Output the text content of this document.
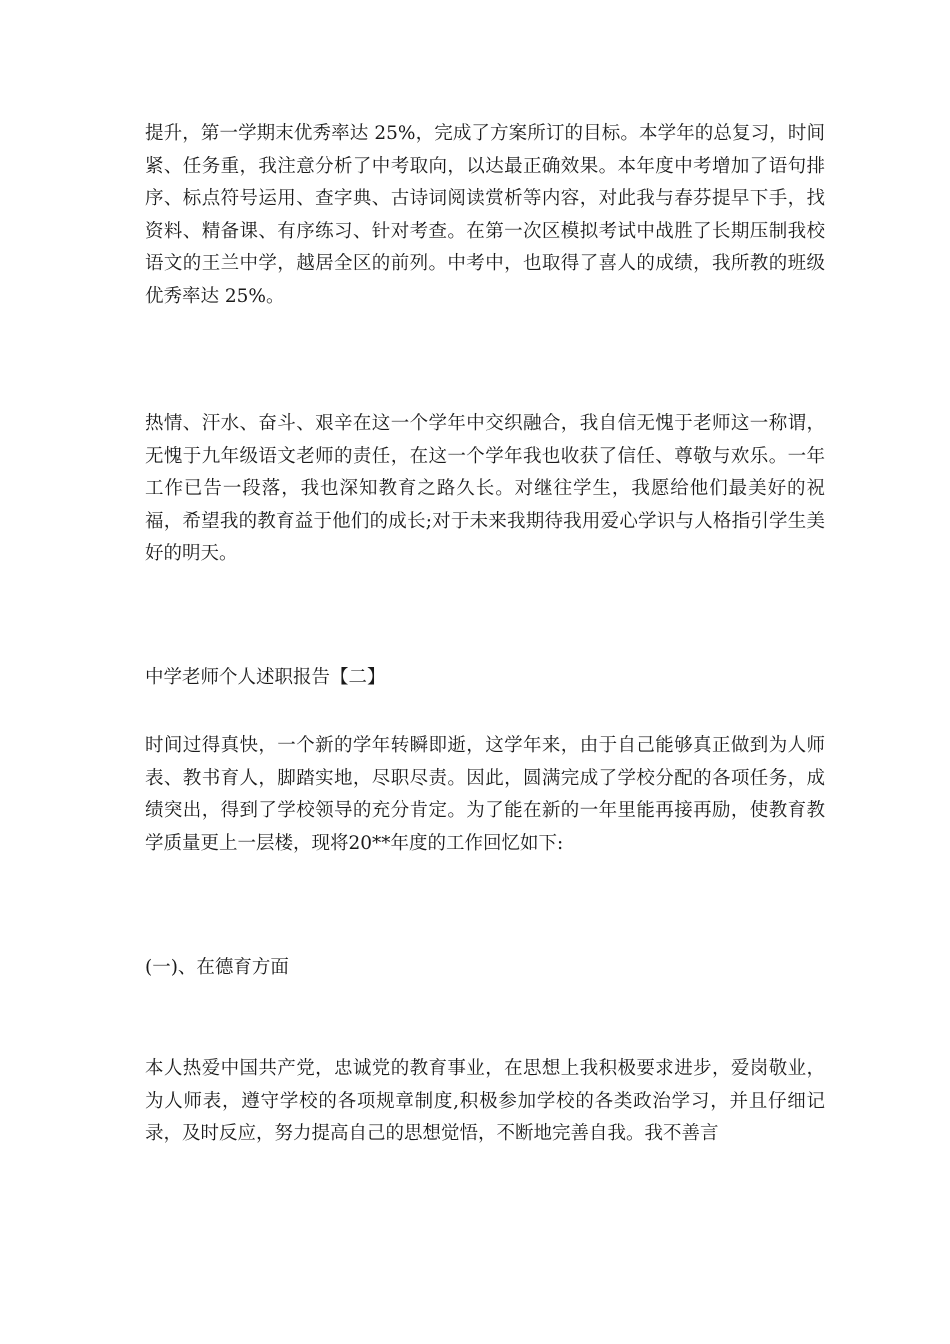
提升，第一学期末优秀率达 25%，完成了方案所订的目标。本学年的总复习，时间紧、任务重，我注意分析了中考取向，以达最正确效果。本年度中考增加了语句排序、标点符号运用、查字典、古诗词阅读赏析等内容，对此我与春芬提早下手，找资料、精备课、有序练习、针对考查。在第一次区模拟考试中战胜了长期压制我校语文的王兰中学，越居全区的前列。中考中，也取得了喜人的成绩，我所教的班级优秀率达 25%。

热情、汗水、奋斗、艰辛在这一个学年中交织融合，我自信无愧于老师这一称谓，无愧于九年级语文老师的责任，在这一个学年我也收获了信任、尊敬与欢乐。一年工作已告一段落，我也深知教育之路久长。对继往学生，我愿给他们最美好的祝福，希望我的教育益于他们的成长;对于未来我期待我用爱心学识与人格指引学生美好的明天。

中学老师个人述职报告【二】

时间过得真快，一个新的学年转瞬即逝，这学年来，由于自己能够真正做到为人师表、教书育人，脚踏实地，尽职尽责。因此，圆满完成了学校分配的各项任务，成绩突出，得到了学校领导的充分肯定。为了能在新的一年里能再接再励，使教育教学质量更上一层楼，现将20**年度的工作回忆如下:

(一)、在德育方面

本人热爱中国共产党，忠诚党的教育事业，在思想上我积极要求进步，爱岗敬业，为人师表，遵守学校的各项规章制度,积极参加学校的各类政治学习，并且仔细记录，及时反应，努力提高自己的思想觉悟，不断地完善自我。我不善言
